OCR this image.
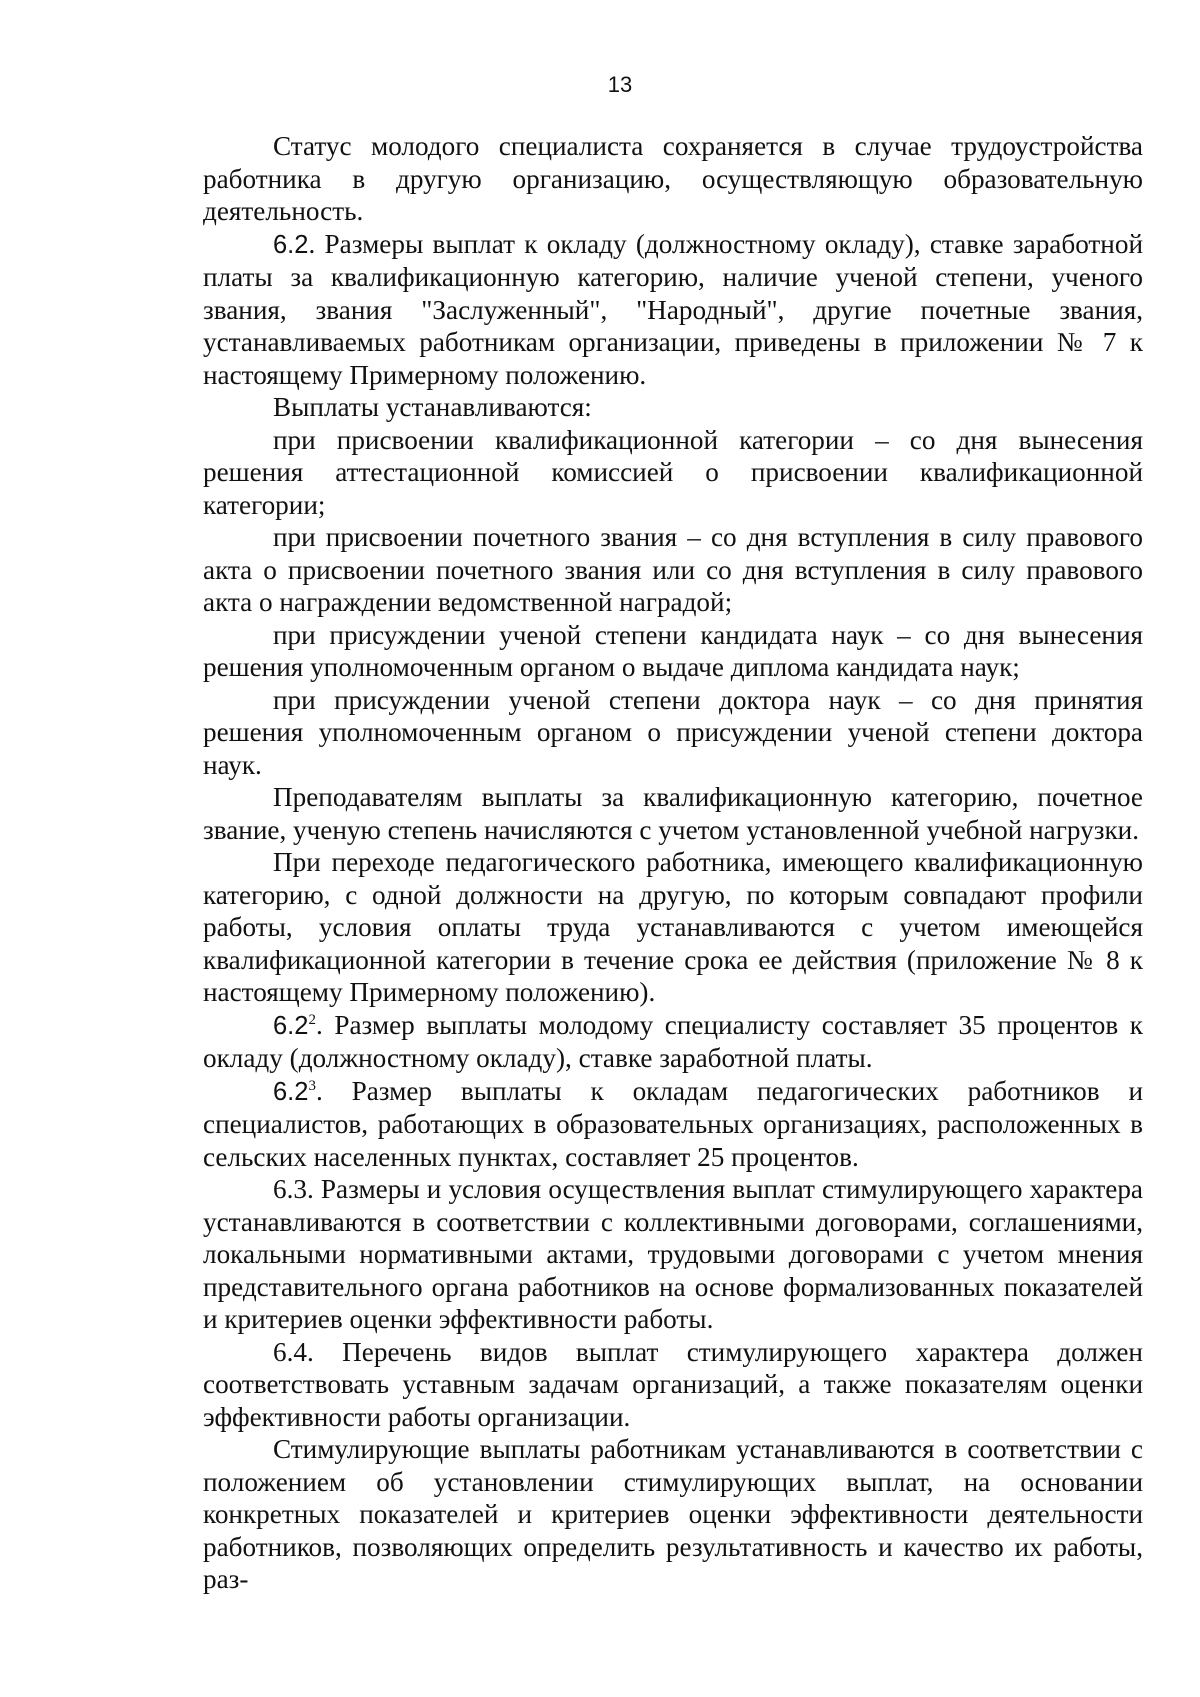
13

Статус молодого специалиста сохраняется в случае трудоустройства работника в другую организацию, осуществляющую образовательную деятельность.

6.2. Размеры выплат к окладу (должностному окладу), ставке заработной платы за квалификационную категорию, наличие ученой степени, ученого звания, звания "Заслуженный", "Народный", другие почетные звания, устанавливаемых работникам организации, приведены в приложении № 7 к настоящему Примерному положению.

Выплаты устанавливаются:

при присвоении квалификационной категории – со дня вынесения решения аттестационной комиссией о присвоении квалификационной категории;

при присвоении почетного звания – со дня вступления в силу правового акта о присвоении почетного звания или со дня вступления в силу правового акта о награждении ведомственной наградой;

при присуждении ученой степени кандидата наук – со дня вынесения решения уполномоченным органом о выдаче диплома кандидата наук;

при присуждении ученой степени доктора наук – со дня принятия решения уполномоченным органом о присуждении ученой степени доктора наук.

Преподавателям выплаты за квалификационную категорию, почетное звание, ученую степень начисляются с учетом установленной учебной нагрузки.

При переходе педагогического работника, имеющего квалификационную категорию, с одной должности на другую, по которым совпадают профили работы, условия оплаты труда устанавливаются с учетом имеющейся квалификационной категории в течение срока ее действия (приложение № 8 к настоящему Примерному положению).

$6.2^2$. Размер выплаты молодому специалисту составляет 35 процентов к окладу (должностному окладу), ставке заработной платы.

$6.2^3$. Размер выплаты к окладам педагогических работников и специалистов, работающих в образовательных организациях, расположенных в сельских населенных пунктах, составляет 25 процентов.

6.3. Размеры и условия осуществления выплат стимулирующего характера устанавливаются в соответствии с коллективными договорами, соглашениями, локальными нормативными актами, трудовыми договорами с учетом мнения представительного органа работников на основе формализованных показателей и критериев оценки эффективности работы.

6.4. Перечень видов выплат стимулирующего характера должен соответствовать уставным задачам организаций, а также показателям оценки эффективности работы организации.

Стимулирующие выплаты работникам устанавливаются в соответствии с положением об установлении стимулирующих выплат, на основании конкретных показателей и критериев оценки эффективности деятельности работников, позволяющих определить результативность и качество их работы, раз-
